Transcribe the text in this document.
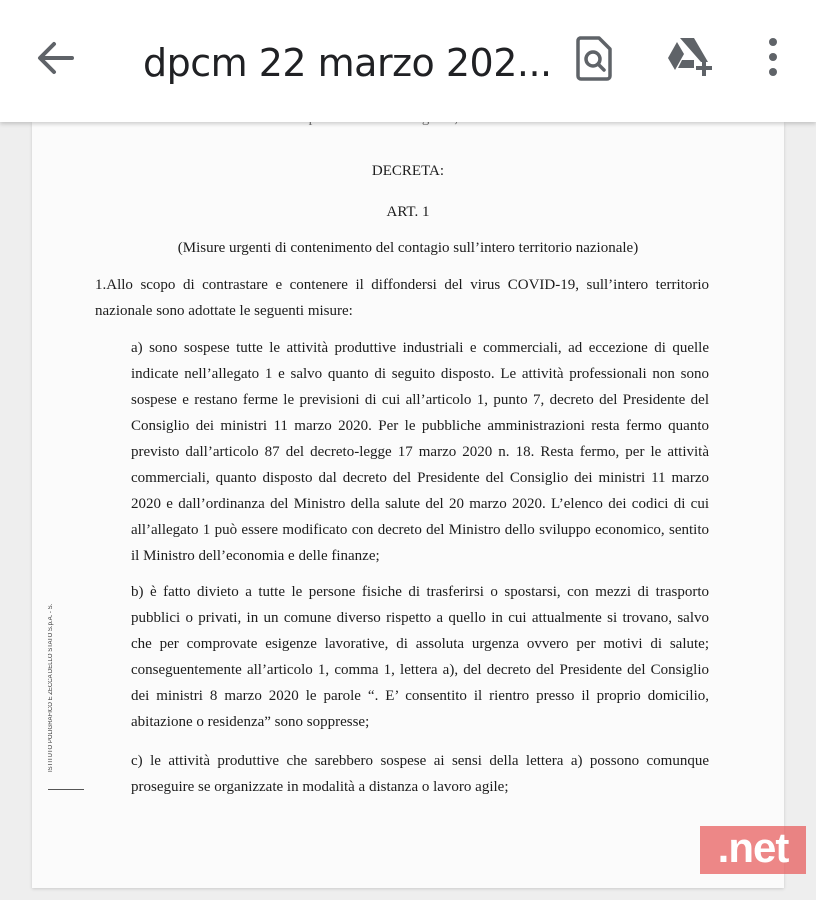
dpcm 22 marzo 202...
DECRETA:
ART. 1
(Misure urgenti di contenimento del contagio sull’intero territorio nazionale)
1.Allo scopo di contrastare e contenere il diffondersi del virus COVID-19, sull’intero territorio nazionale sono adottate le seguenti misure:
a) sono sospese tutte le attività produttive industriali e commerciali, ad eccezione di quelle indicate nell’allegato 1 e salvo quanto di seguito disposto. Le attività professionali non sono sospese e restano ferme le previsioni di cui all’articolo 1, punto 7, decreto del Presidente del Consiglio dei ministri 11 marzo 2020. Per le pubbliche amministrazioni resta fermo quanto previsto dall’articolo 87 del decreto-legge 17 marzo 2020 n. 18. Resta fermo, per le attività commerciali, quanto disposto dal decreto del Presidente del Consiglio dei ministri 11 marzo 2020 e dall’ordinanza del Ministro della salute del 20 marzo 2020. L’elenco dei codici di cui all’allegato 1 può essere modificato con decreto del Ministro dello sviluppo economico, sentito il Ministro dell’economia e delle finanze;
b) è fatto divieto a tutte le persone fisiche di trasferirsi o spostarsi, con mezzi di trasporto pubblici o privati, in un comune diverso rispetto a quello in cui attualmente si trovano, salvo che per comprovate esigenze lavorative, di assoluta urgenza ovvero per motivi di salute; conseguentemente all’articolo 1, comma 1, lettera a), del decreto del Presidente del Consiglio dei ministri 8 marzo 2020 le parole “. E’ consentito il rientro presso il proprio domicilio, abitazione o residenza” sono soppresse;
c) le attività produttive che sarebbero sospese ai sensi della lettera a) possono comunque proseguire se organizzate in modalità a distanza o lavoro agile;
ISTITUTO POLIGRAFICO E ZECCA DELLO STATO S.p.A. - S.
.net
